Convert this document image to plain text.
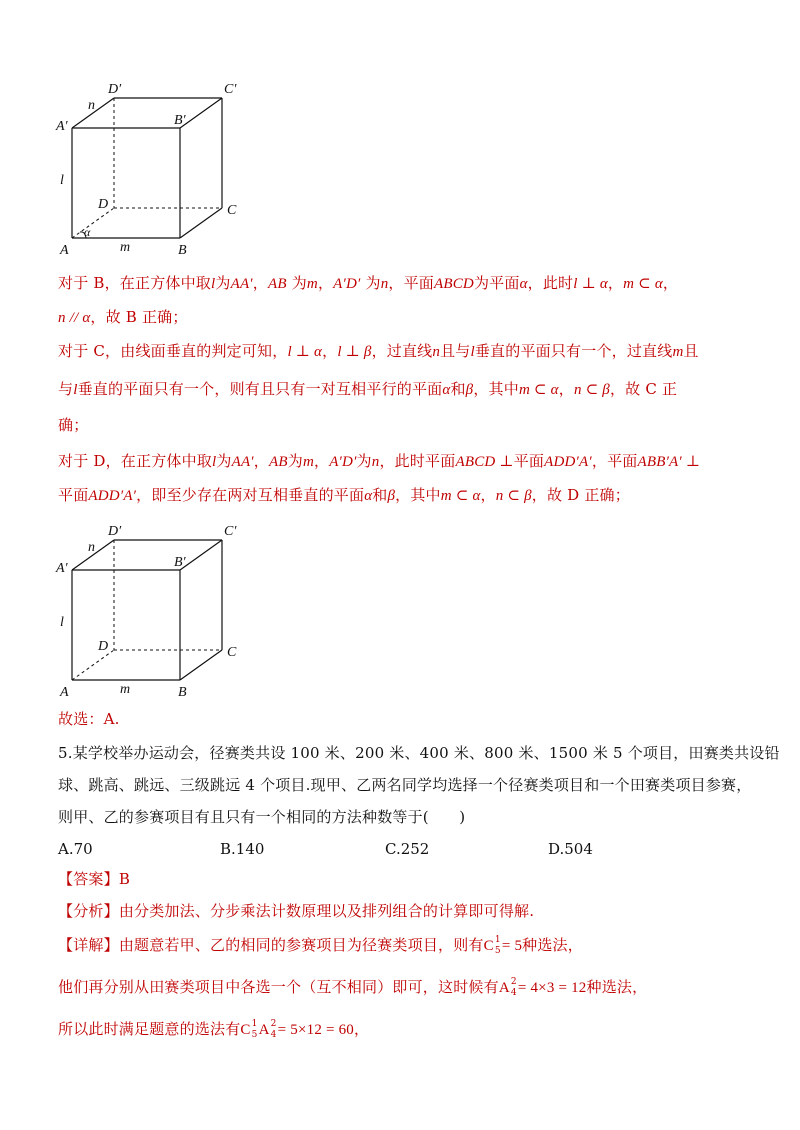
D′	C′
A′	B′
D	C
A	B
n
l
m
α
对于 B，在正方体中取l为AA′，AB 为m，A′D′ 为n，平面ABCD为平面α，此时l ⊥ α，m ⊂ α，
n // α，故 B 正确；
对于 C，由线面垂直的判定可知，l ⊥ α，l ⊥ β，过直线n且与l垂直的平面只有一个，过直线m且
与l垂直的平面只有一个，则有且只有一对互相平行的平面α和β，其中m ⊂ α，n ⊂ β，故 C 正
确；
对于 D，在正方体中取l为AA′，AB为m，A′D′为n，此时平面ABCD ⊥平面ADD′A′，平面ABB′A′ ⊥
平面ADD′A′，即至少存在两对互相垂直的平面α和β，其中m ⊂ α，n ⊂ β，故 D 正确；
D′	C′
A′	B′
D	C
A	B
n
l
m
故选：A.
5.某学校举办运动会，径赛类共设 100 米、200 米、400 米、800 米、1500 米 5 个项目，田赛类共设铅
球、跳高、跳远、三级跳远 4 个项目.现甲、乙两名同学均选择一个径赛类项目和一个田赛类项目参赛，
则甲、乙的参赛项目有且只有一个相同的方法种数等于(　　)
A.70	B.140	C.252	D.504
【答案】B
【分析】由分类加法、分步乘法计数原理以及排列组合的计算即可得解.
【详解】由题意若甲、乙的相同的参赛项目为径赛类项目，则有C 1
5 = 5种选法，
他们再分别从田赛类项目中各选一个（互不相同）即可，这时候有A 2
4 = 4×3 = 12种选法，
所以此时满足题意的选法有C 1
5 A 2
4 = 5×12 = 60，
